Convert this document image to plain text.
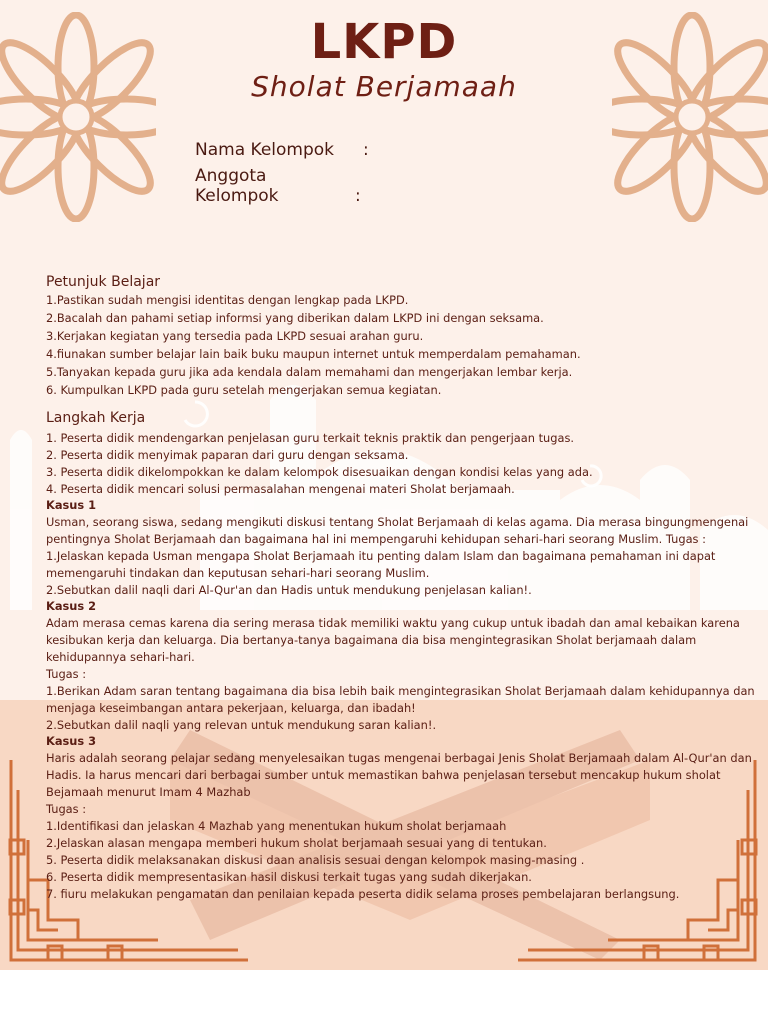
LKPD
Sholat Berjamaah
Nama Kelompok :
Anggota Kelompok	:
Petunjuk Belajar
1.Pastikan sudah mengisi identitas dengan lengkap pada LKPD.
2.Bacalah dan pahami setiap informsi yang diberikan dalam LKPD ini dengan seksama.
3.Kerjakan kegiatan yang tersedia pada LKPD sesuai arahan guru.
4.fiunakan sumber belajar lain baik buku maupun internet untuk memperdalam pemahaman.
5.Tanyakan kepada guru jika ada kendala dalam memahami dan mengerjakan lembar kerja.
6. Kumpulkan LKPD pada guru setelah mengerjakan semua kegiatan.
Langkah Kerja
1. Peserta didik mendengarkan penjelasan guru terkait teknis praktik dan pengerjaan tugas.
2. Peserta didik menyimak paparan dari guru dengan seksama.
3. Peserta didik dikelompokkan ke dalam kelompok disesuaikan dengan kondisi kelas yang ada.
4. Peserta didik mencari solusi permasalahan mengenai materi Sholat berjamaah.
Kasus 1
Usman, seorang siswa, sedang mengikuti diskusi tentang Sholat Berjamaah di kelas agama. Dia merasa bingungmengenai
pentingnya Sholat Berjamaah dan bagaimana hal ini mempengaruhi kehidupan sehari-hari seorang Muslim. Tugas :
1.Jelaskan kepada Usman mengapa Sholat Berjamaah itu penting dalam Islam dan bagaimana pemahaman ini dapat
memengaruhi tindakan dan keputusan sehari-hari seorang Muslim.
2.Sebutkan dalil naqli dari Al-Qur'an dan Hadis untuk mendukung penjelasan kalian!.
Kasus 2
Adam merasa cemas karena dia sering merasa tidak memiliki waktu yang cukup untuk ibadah dan amal kebaikan karena
kesibukan kerja dan keluarga. Dia bertanya-tanya bagaimana dia bisa mengintegrasikan Sholat berjamaah dalam
kehidupannya sehari-hari.
Tugas :
1.Berikan Adam saran tentang bagaimana dia bisa lebih baik mengintegrasikan Sholat Berjamaah dalam kehidupannya dan
menjaga keseimbangan antara pekerjaan, keluarga, dan ibadah!
2.Sebutkan dalil naqli yang relevan untuk mendukung saran kalian!.
Kasus 3
Haris adalah seorang pelajar sedang menyelesaikan tugas mengenai berbagai Jenis Sholat Berjamaah dalam Al-Qur'an dan
Hadis. Ia harus mencari dari berbagai sumber untuk memastikan bahwa penjelasan tersebut mencakup hukum sholat
Bejamaah menurut Imam 4 Mazhab
Tugas :
1.Identifikasi dan jelaskan 4 Mazhab yang menentukan hukum sholat berjamaah
2.Jelaskan alasan mengapa memberi hukum sholat berjamaah sesuai yang di tentukan.
5. Peserta didik melaksanakan diskusi daan analisis sesuai dengan kelompok masing-masing .
6. Peserta didik mempresentasikan hasil diskusi terkait tugas yang sudah dikerjakan.
7. fiuru melakukan pengamatan dan penilaian kepada peserta didik selama proses pembelajaran berlangsung.
